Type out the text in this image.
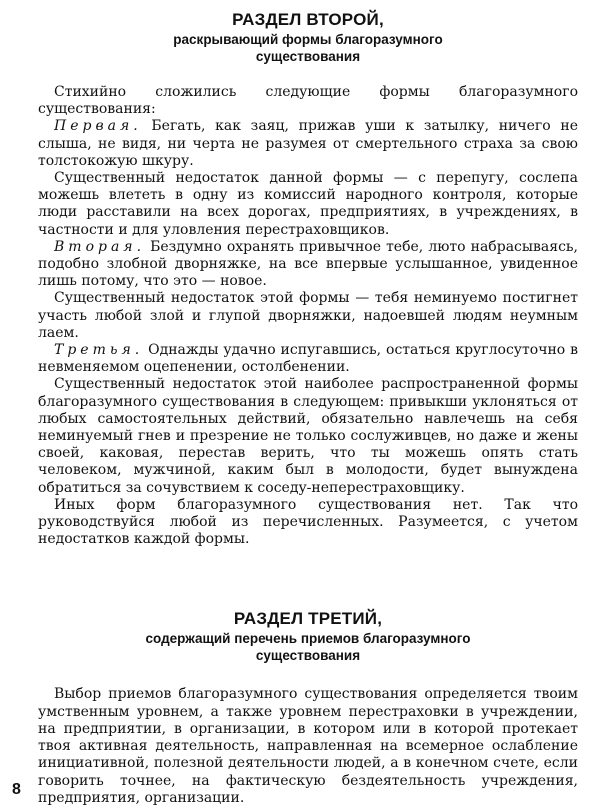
РАЗДЕЛ ВТОРОЙ,
раскрывающий формы благоразумного
существования

Стихийно сложились следующие формы благоразумного существования:

Первая. Бегать, как заяц, прижав уши к затылку, ничего не слыша, не видя, ни черта не разумея от смертельного страха за свою толстокожую шкуру.

Существенный недостаток данной формы — с перепугу, сослепа можешь влететь в одну из комиссий народного контроля, которые люди расставили на всех дорогах, предприятиях, в учреждениях, в частности и для уловления перестраховщиков.

Вторая. Бездумно охранять привычное тебе, люто набрасываясь, подобно злобной дворняжке, на все впервые услышанное, увиденное лишь потому, что это — новое.

Существенный недостаток этой формы — тебя неминуемо постигнет участь любой злой и глупой дворняжки, надоевшей людям неумным лаем.

Третья. Однажды удачно испугавшись, остаться круглосуточно в невменяемом оцепенении, остолбенении.

Существенный недостаток этой наиболее распространенной формы благоразумного существования в следующем: привыкши уклоняться от любых самостоятельных действий, обязательно навлечешь на себя неминуемый гнев и презрение не только сослуживцев, но даже и жены своей, каковая, перестав верить, что ты можешь опять стать человеком, мужчиной, каким был в молодости, будет вынуждена обратиться за сочувствием к соседу-неперестраховщику.

Иных форм благоразумного существования нет. Так что руководствуйся любой из перечисленных. Разумеется, с учетом недостатков каждой формы.

РАЗДЕЛ ТРЕТИЙ,
содержащий перечень приемов благоразумного
существования

Выбор приемов благоразумного существования определяется твоим умственным уровнем, а также уровнем перестраховки в учреждении, на предприятии, в организации, в котором или в которой протекает твоя активная деятельность, направленная на всемерное ослабление инициативной, полезной деятельности людей, а в конечном счете, если говорить точнее, на фактическую бездеятельность учреждения, предприятия, организации.

8
